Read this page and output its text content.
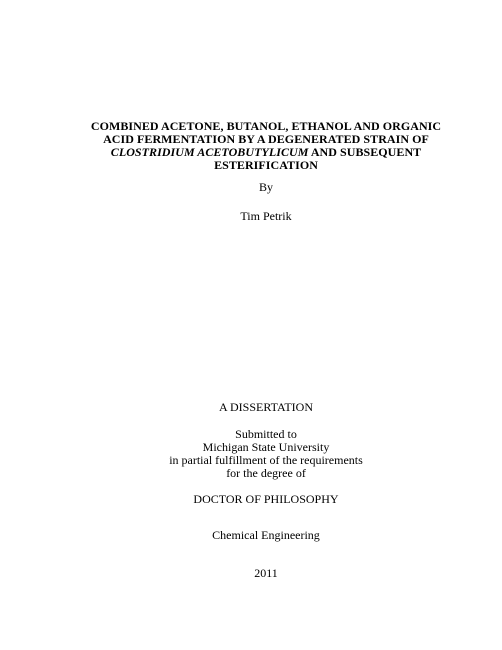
COMBINED ACETONE, BUTANOL, ETHANOL AND ORGANIC
ACID FERMENTATION BY A DEGENERATED STRAIN OF
CLOSTRIDIUM ACETOBUTYLICUM AND SUBSEQUENT
ESTERIFICATION
By
Tim Petrik
A DISSERTATION
Submitted to
Michigan State University
in partial fulfillment of the requirements
for the degree of
DOCTOR OF PHILOSOPHY
Chemical Engineering
2011
